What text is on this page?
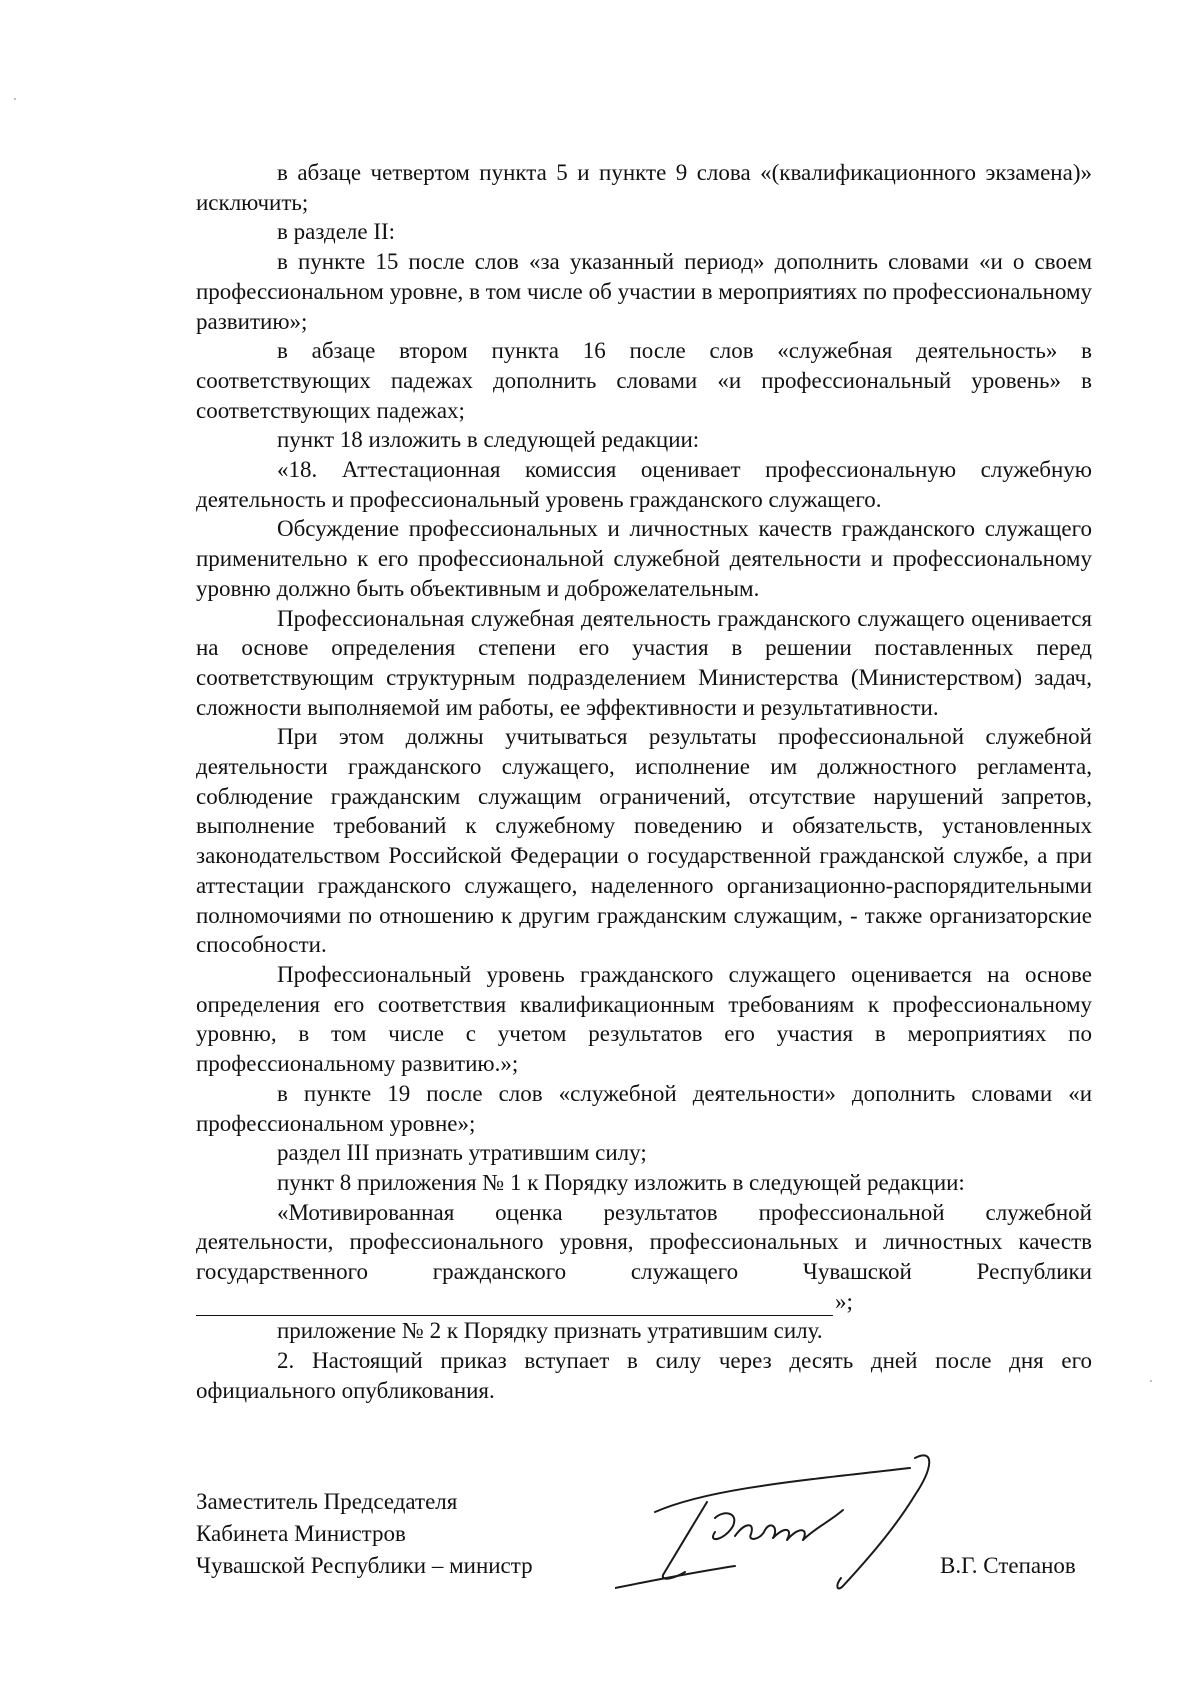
в абзаце четвертом пункта 5 и пункте 9 слова «(квалификационного экзамена)» исключить;

в разделе II:

в пункте 15 после слов «за указанный период» дополнить словами «и о своем профессиональном уровне, в том числе об участии в мероприятиях по профессиональному развитию»;

в абзаце втором пункта 16 после слов «служебная деятельность» в соответствующих падежах дополнить словами «и профессиональный уровень» в соответствующих падежах;

пункт 18 изложить в следующей редакции:

«18. Аттестационная комиссия оценивает профессиональную служебную деятельность и профессиональный уровень гражданского служащего.

Обсуждение профессиональных и личностных качеств гражданского служащего применительно к его профессиональной служебной деятельности и профессиональному уровню должно быть объективным и доброжелательным.

Профессиональная служебная деятельность гражданского служащего оценивается на основе определения степени его участия в решении поставленных перед соответствующим структурным подразделением Министерства (Министерством) задач, сложности выполняемой им работы, ее эффективности и результативности.

При этом должны учитываться результаты профессиональной служебной деятельности гражданского служащего, исполнение им должностного регламента, соблюдение гражданским служащим ограничений, отсутствие нарушений запретов, выполнение требований к служебному поведению и обязательств, установленных законодательством Российской Федерации о государственной гражданской службе, а при аттестации гражданского служащего, наделенного организационно-распорядительными полномочиями по отношению к другим гражданским служащим, - также организаторские способности.

Профессиональный уровень гражданского служащего оценивается на основе определения его соответствия квалификационным требованиям к профессиональному уровню, в том числе с учетом результатов его участия в мероприятиях по профессиональному развитию.»;

в пункте 19 после слов «служебной деятельности» дополнить словами «и профессиональном уровне»;

раздел III признать утратившим силу;

пункт 8 приложения № 1 к Порядку изложить в следующей редакции:

«Мотивированная оценка результатов профессиональной служебной деятельности, профессионального уровня, профессиональных и личностных качеств государственного гражданского служащего Чувашской Республики

»;

приложение № 2 к Порядку признать утратившим силу.

2. Настоящий приказ вступает в силу через десять дней после дня его официального опубликования.

Заместитель Председателя
Кабинета Министров
Чувашской Республики – министр	В.Г. Степанов
